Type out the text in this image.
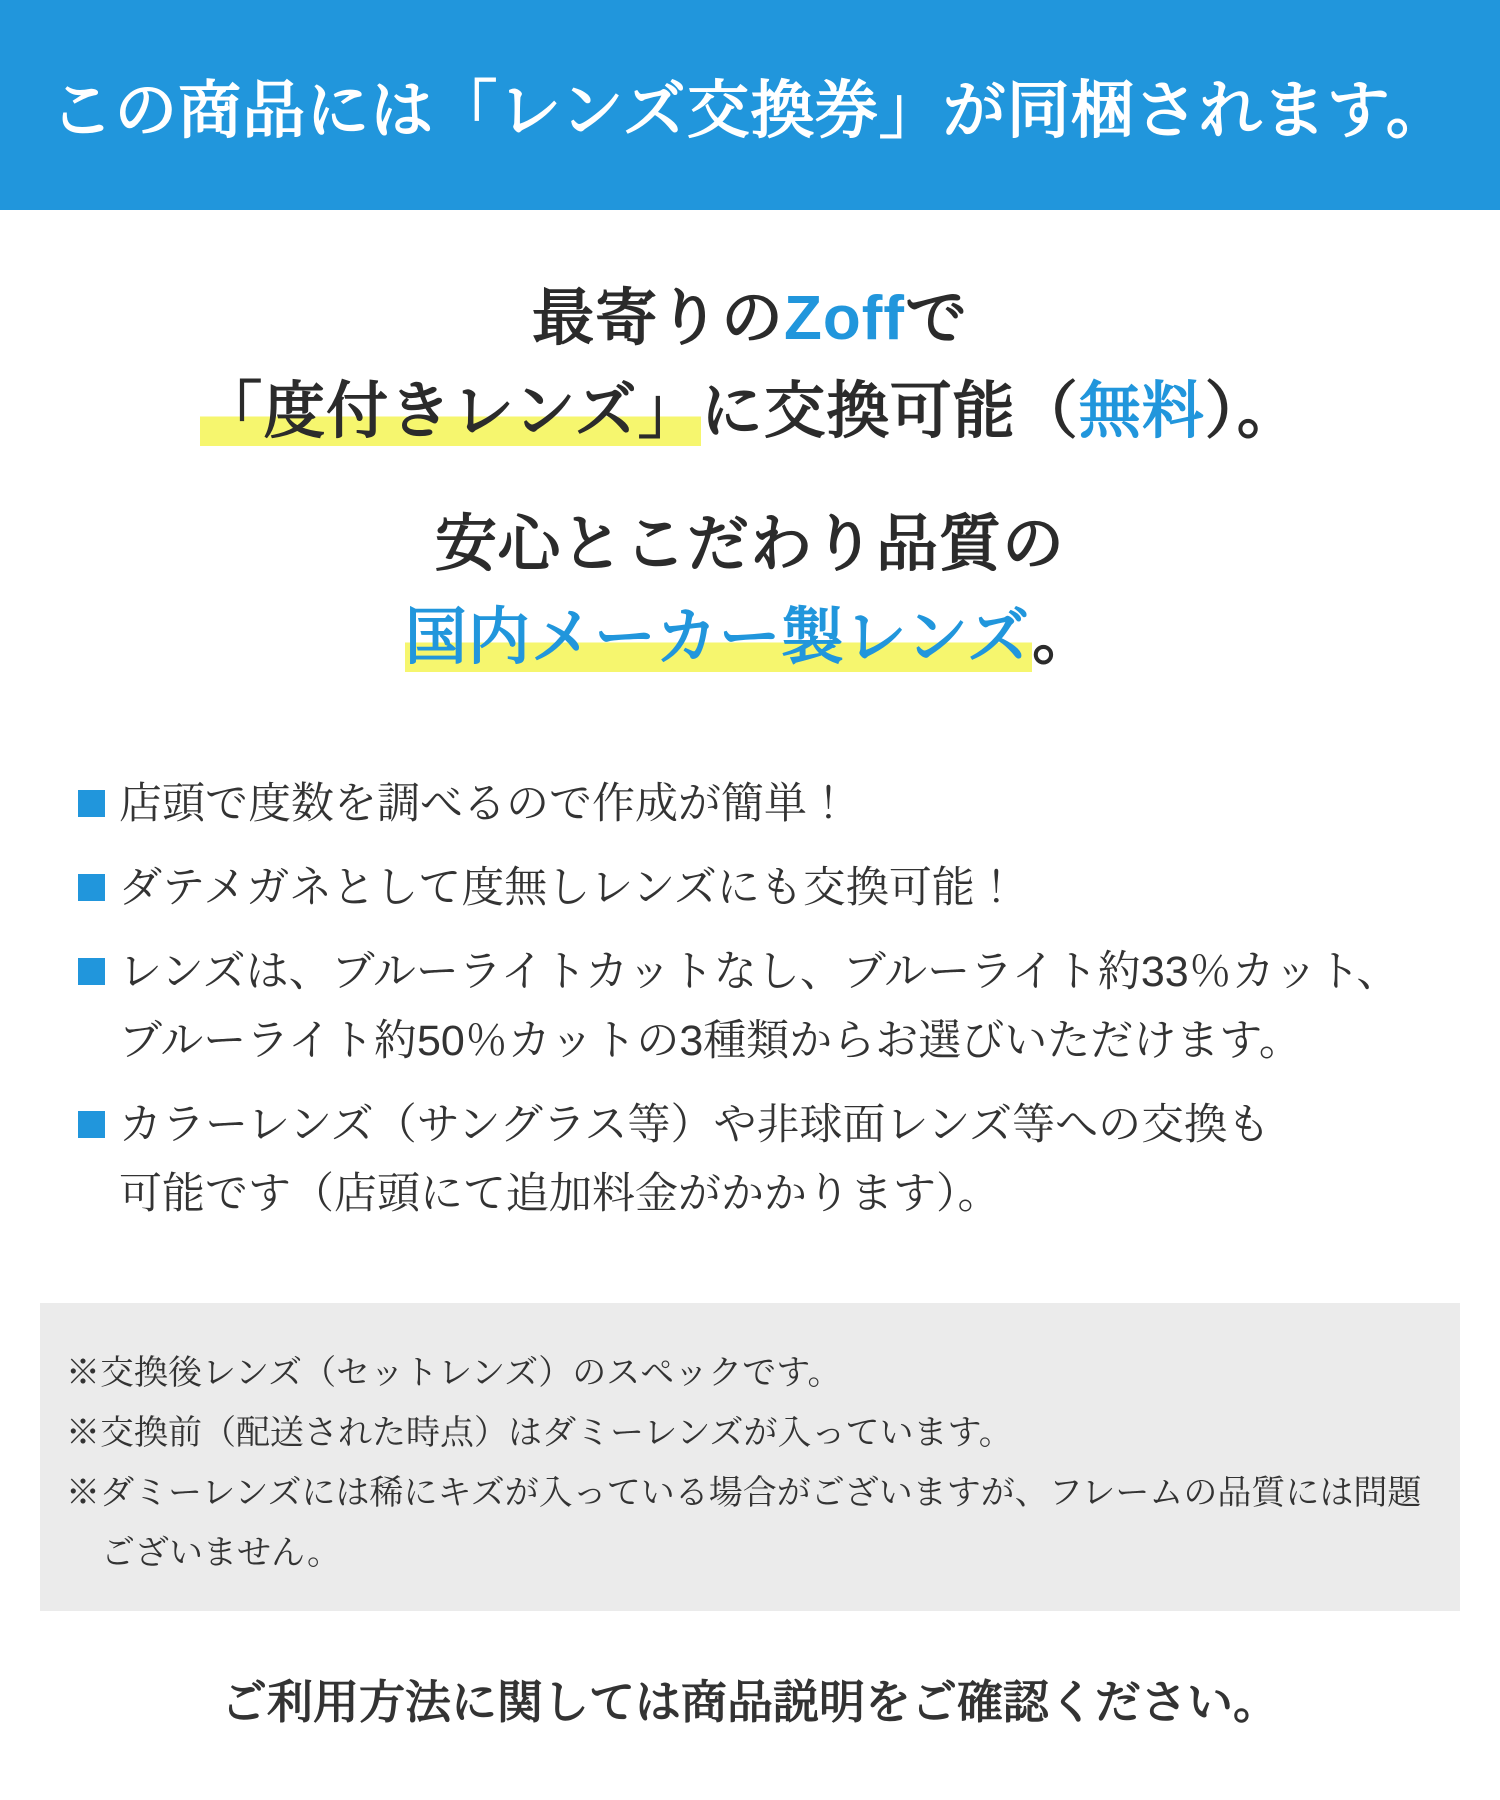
この商品には「レンズ交換券」が同梱されます。
最寄りのZoffで
「度付きレンズ」に交換可能（無料）。
安心とこだわり品質の
国内メーカー製レンズ。
店頭で度数を調べるので作成が簡単！
ダテメガネとして度無しレンズにも交換可能！
レンズは、ブルーライトカットなし、ブルーライト約33％カット、
ブルーライト約50％カットの3種類からお選びいただけます。
カラーレンズ（サングラス等）や非球面レンズ等への交換も
可能です（店頭にて追加料金がかかります）。

※交換後レンズ（セットレンズ）のスペックです。

※交換前（配送された時点）はダミーレンズが入っています。

※ダミーレンズには稀にキズが入っている場合がございますが、フレームの品質には問題
ございません。

ご利用方法に関しては商品説明をご確認ください。
